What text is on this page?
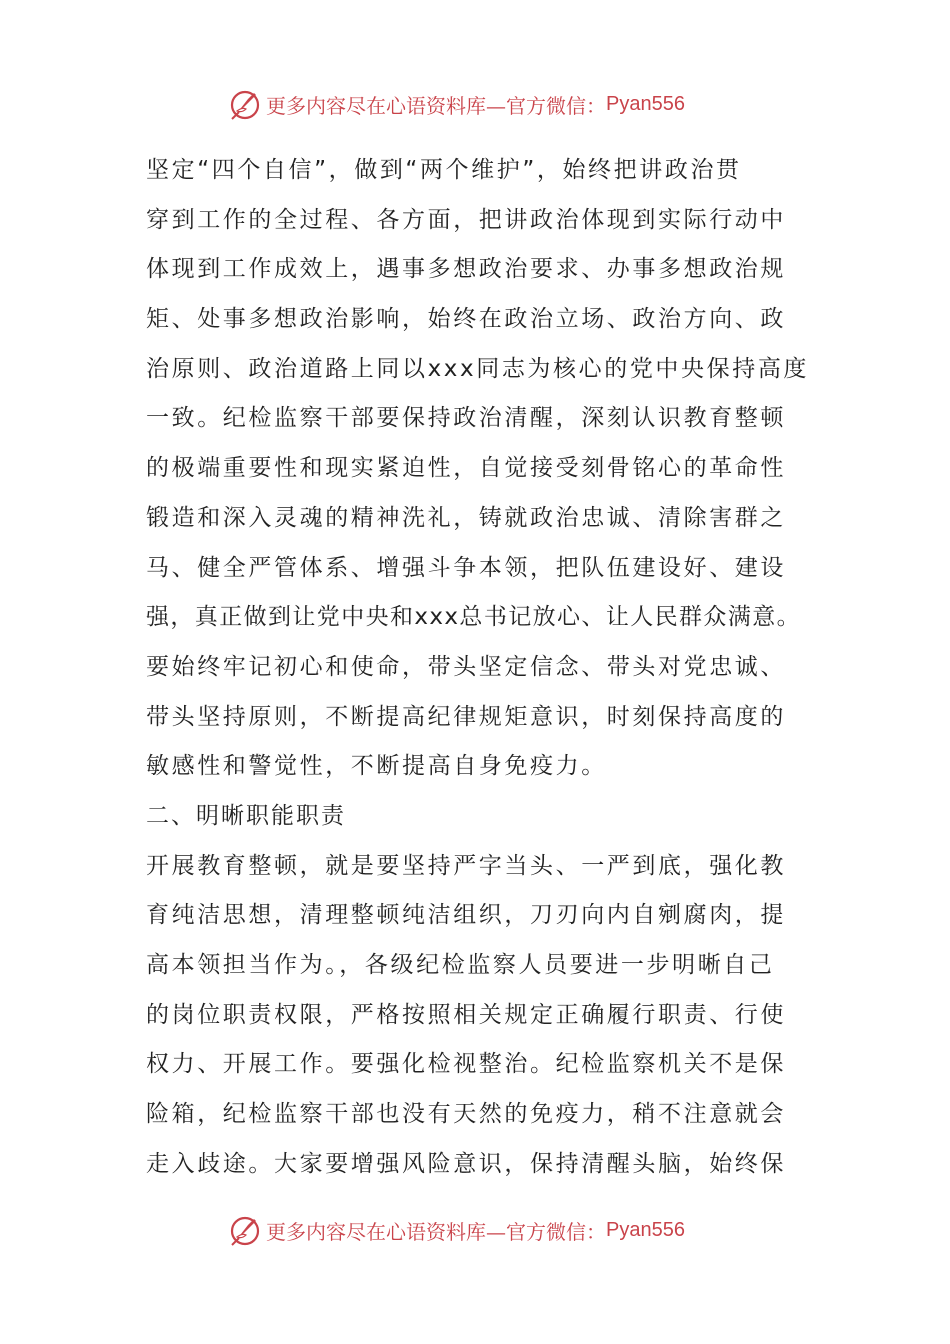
更多内容尽在心语资料库—官方微信： Pyan556
坚定“四个自信”，做到“两个维护”，始终把讲政治贯
穿到工作的全过程、各方面，把讲政治体现到实际行动中
体现到工作成效上，遇事多想政治要求、办事多想政治规
矩、处事多想政治影响，始终在政治立场、政治方向、政
治原则、政治道路上同以xxx同志为核心的党中央保持高度
一致。纪检监察干部要保持政治清醒，深刻认识教育整顿
的极端重要性和现实紧迫性，自觉接受刻骨铭心的革命性
锻造和深入灵魂的精神洗礼，铸就政治忠诚、清除害群之
马、健全严管体系、增强斗争本领，把队伍建设好、建设
强，真正做到让党中央和xxx总书记放心、让人民群众满意。
要始终牢记初心和使命，带头坚定信念、带头对党忠诚、
带头坚持原则，不断提高纪律规矩意识，时刻保持高度的
敏感性和警觉性，不断提高自身免疫力。
二、明晰职能职责
开展教育整顿，就是要坚持严字当头、一严到底，强化教
育纯洁思想，清理整顿纯洁组织，刀刃向内自剜腐肉，提
高本领担当作为。，各级纪检监察人员要进一步明晰自己
的岗位职责权限，严格按照相关规定正确履行职责、行使
权力、开展工作。要强化检视整治。纪检监察机关不是保
险箱，纪检监察干部也没有天然的免疫力，稍不注意就会
走入歧途。大家要增强风险意识，保持清醒头脑，始终保
更多内容尽在心语资料库—官方微信： Pyan556
